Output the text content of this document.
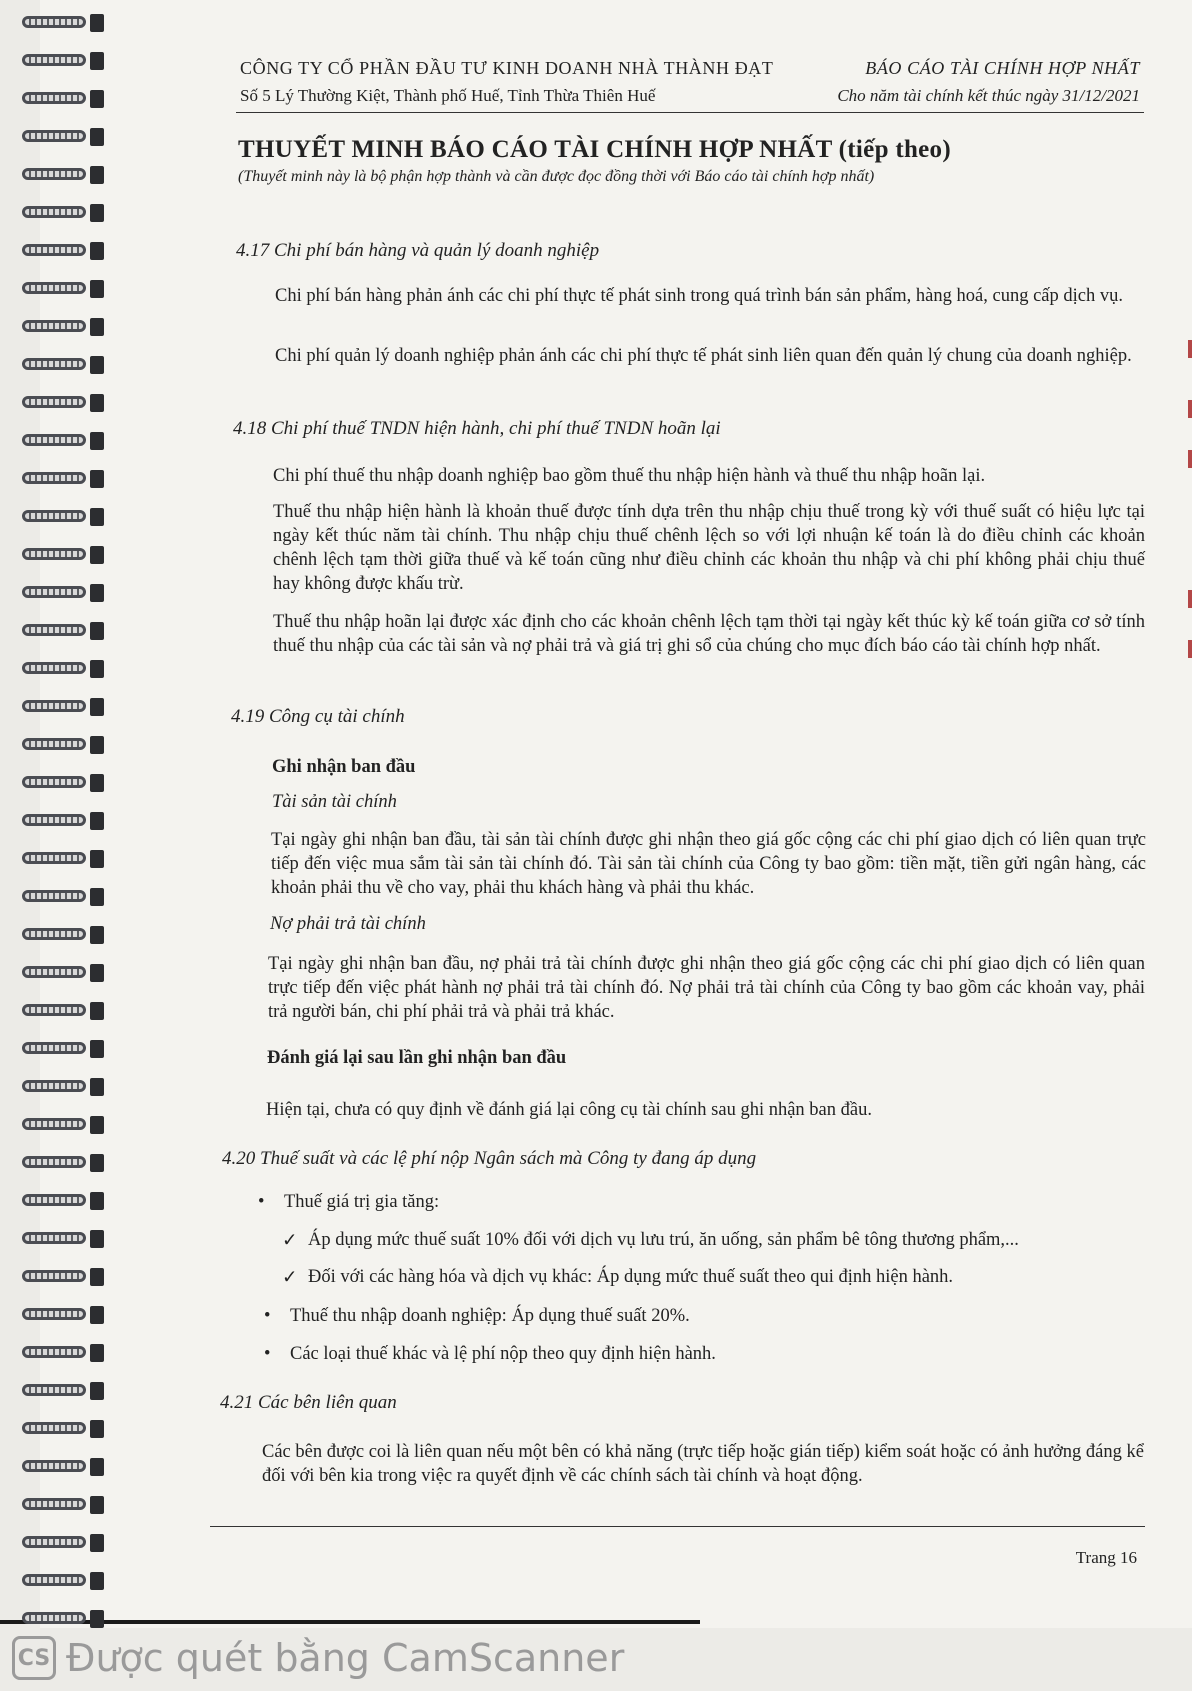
CÔNG TY CỔ PHẦN ĐẦU TƯ KINH DOANH NHÀ THÀNH ĐẠT
Số 5 Lý Thường Kiệt, Thành phố Huế, Tỉnh Thừa Thiên Huế
BÁO CÁO TÀI CHÍNH HỢP NHẤT
Cho năm tài chính kết thúc ngày 31/12/2021
THUYẾT MINH BÁO CÁO TÀI CHÍNH HỢP NHẤT (tiếp theo)

(Thuyết minh này là bộ phận hợp thành và cần được đọc đồng thời với Báo cáo tài chính hợp nhất)

4.17 Chi phí bán hàng và quản lý doanh nghiệp

Chi phí bán hàng phản ánh các chi phí thực tế phát sinh trong quá trình bán sản phẩm, hàng hoá, cung cấp dịch vụ.

Chi phí quản lý doanh nghiệp phản ánh các chi phí thực tế phát sinh liên quan đến quản lý chung của doanh nghiệp.

4.18 Chi phí thuế TNDN hiện hành, chi phí thuế TNDN hoãn lại

Chi phí thuế thu nhập doanh nghiệp bao gồm thuế thu nhập hiện hành và thuế thu nhập hoãn lại.

Thuế thu nhập hiện hành là khoản thuế được tính dựa trên thu nhập chịu thuế trong kỳ với thuế suất có hiệu lực tại ngày kết thúc năm tài chính. Thu nhập chịu thuế chênh lệch so với lợi nhuận kế toán là do điều chỉnh các khoản chênh lệch tạm thời giữa thuế và kế toán cũng như điều chỉnh các khoản thu nhập và chi phí không phải chịu thuế hay không được khấu trừ.

Thuế thu nhập hoãn lại được xác định cho các khoản chênh lệch tạm thời tại ngày kết thúc kỳ kế toán giữa cơ sở tính thuế thu nhập của các tài sản và nợ phải trả và giá trị ghi sổ của chúng cho mục đích báo cáo tài chính hợp nhất.

4.19 Công cụ tài chính

Ghi nhận ban đầu

Tài sản tài chính

Tại ngày ghi nhận ban đầu, tài sản tài chính được ghi nhận theo giá gốc cộng các chi phí giao dịch có liên quan trực tiếp đến việc mua sắm tài sản tài chính đó. Tài sản tài chính của Công ty bao gồm: tiền mặt, tiền gửi ngân hàng, các khoản phải thu về cho vay, phải thu khách hàng và phải thu khác.

Nợ phải trả tài chính

Tại ngày ghi nhận ban đầu, nợ phải trả tài chính được ghi nhận theo giá gốc cộng các chi phí giao dịch có liên quan trực tiếp đến việc phát hành nợ phải trả tài chính đó. Nợ phải trả tài chính của Công ty bao gồm các khoản vay, phải trả người bán, chi phí phải trả và phải trả khác.

Đánh giá lại sau lần ghi nhận ban đầu

Hiện tại, chưa có quy định về đánh giá lại công cụ tài chính sau ghi nhận ban đầu.

4.20 Thuế suất và các lệ phí nộp Ngân sách mà Công ty đang áp dụng
• Thuế giá trị gia tăng:
✓ Áp dụng mức thuế suất 10% đối với dịch vụ lưu trú, ăn uống, sản phẩm bê tông thương phẩm,...
✓ Đối với các hàng hóa và dịch vụ khác: Áp dụng mức thuế suất theo qui định hiện hành.
• Thuế thu nhập doanh nghiệp: Áp dụng thuế suất 20%.
• Các loại thuế khác và lệ phí nộp theo quy định hiện hành.
4.21 Các bên liên quan

Các bên được coi là liên quan nếu một bên có khả năng (trực tiếp hoặc gián tiếp) kiểm soát hoặc có ảnh hưởng đáng kể đối với bên kia trong việc ra quyết định về các chính sách tài chính và hoạt động.

Trang 16
CS Được quét bằng CamScanner
